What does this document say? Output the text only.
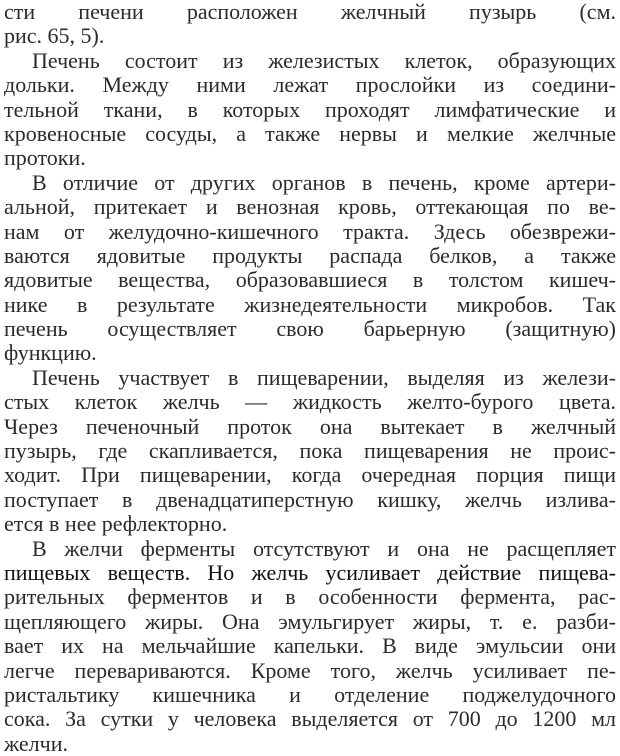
сти печени расположен желчный пузырь (см.
рис. 65, 5).
Печень состоит из железистых клеток, образующих
дольки. Между ними лежат прослойки из соедини-
тельной ткани, в которых проходят лимфатические и
кровеносные сосуды, а также нервы и мелкие желчные
протоки.
В отличие от других органов в печень, кроме артери-
альной, притекает и венозная кровь, оттекающая по ве-
нам от желудочно-кишечного тракта. Здесь обезврежи-
ваются ядовитые продукты распада белков, а также
ядовитые вещества, образовавшиеся в толстом кишеч-
нике в результате жизнедеятельности микробов. Так
печень осуществляет свою барьерную (защитную)
функцию.
Печень участвует в пищеварении, выделяя из желези-
стых клеток желчь — жидкость желто-бурого цвета.
Через печеночный проток она вытекает в желчный
пузырь, где скапливается, пока пищеварения не проис-
ходит. При пищеварении, когда очередная порция пищи
поступает в двенадцатиперстную кишку, желчь излива-
ется в нее рефлекторно.
В желчи ферменты отсутствуют и она не расщепляет
пищевых веществ. Но желчь усиливает действие пищева-
рительных ферментов и в особенности фермента, рас-
щепляющего жиры. Она эмульгирует жиры, т. е. разби-
вает их на мельчайшие капельки. В виде эмульсии они
легче перевариваются. Кроме того, желчь усиливает пе-
ристальтику кишечника и отделение поджелудочного
сока. За сутки у человека выделяется от 700 до 1200 мл
желчи.
